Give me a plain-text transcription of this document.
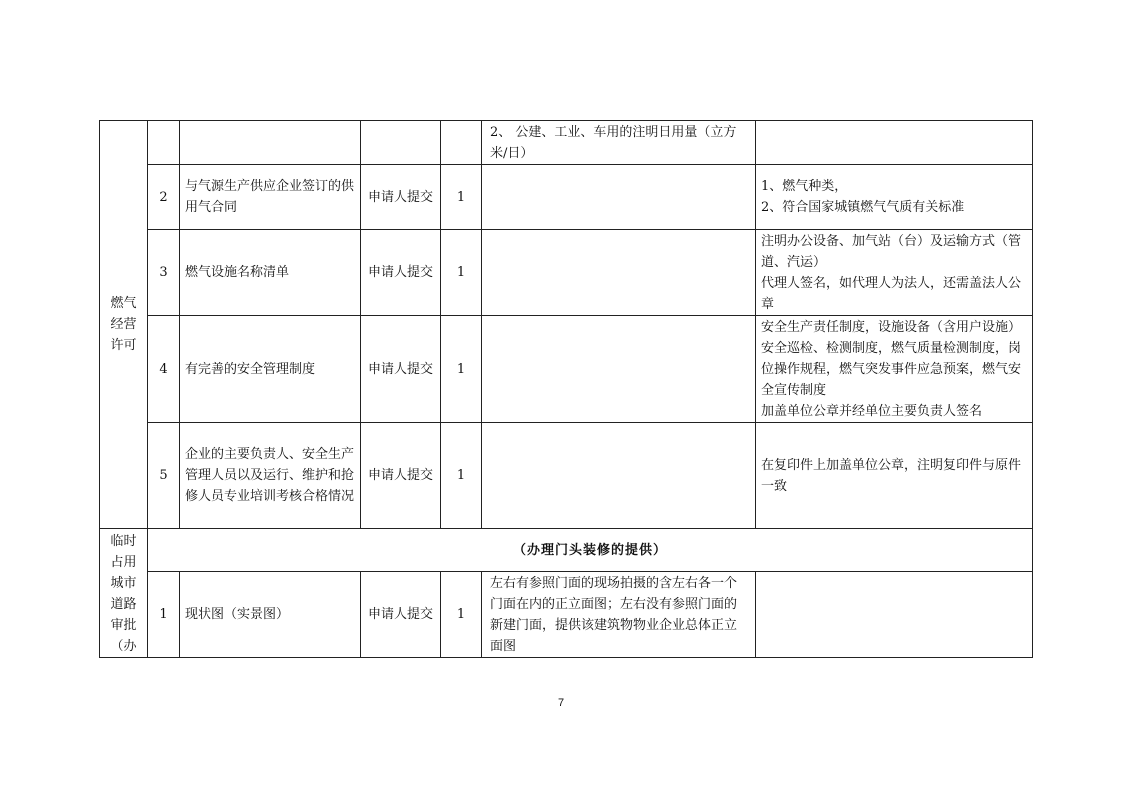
燃气经营许可					2、 公建、工业、车用的注明日用量（立方米/日）	
	2	与气源生产供应企业签订的供用气合同	申请人提交	1		1、燃气种类，
2、符合国家城镇燃气气质有关标准
	3	燃气设施名称清单	申请人提交	1		注明办公设备、加气站（台）及运输方式（管道、汽运）
代理人签名，如代理人为法人，还需盖法人公章
	4	有完善的安全管理制度	申请人提交	1		安全生产责任制度，设施设备（含用户设施）安全巡检、检测制度，燃气质量检测制度，岗位操作规程，燃气突发事件应急预案，燃气安全宣传制度
加盖单位公章并经单位主要负责人签名
	5	企业的主要负责人、安全生产管理人员以及运行、维护和抢修人员专业培训考核合格情况	申请人提交	1		在复印件上加盖单位公章，注明复印件与原件一致
临时占用城市道路审批（办	（办理门头装修的提供）					
	1	现状图（实景图）	申请人提交	1	左右有参照门面的现场拍摄的含左右各一个门面在内的正立面图；左右没有参照门面的新建门面，提供该建筑物物业企业总体正立面图	
7
